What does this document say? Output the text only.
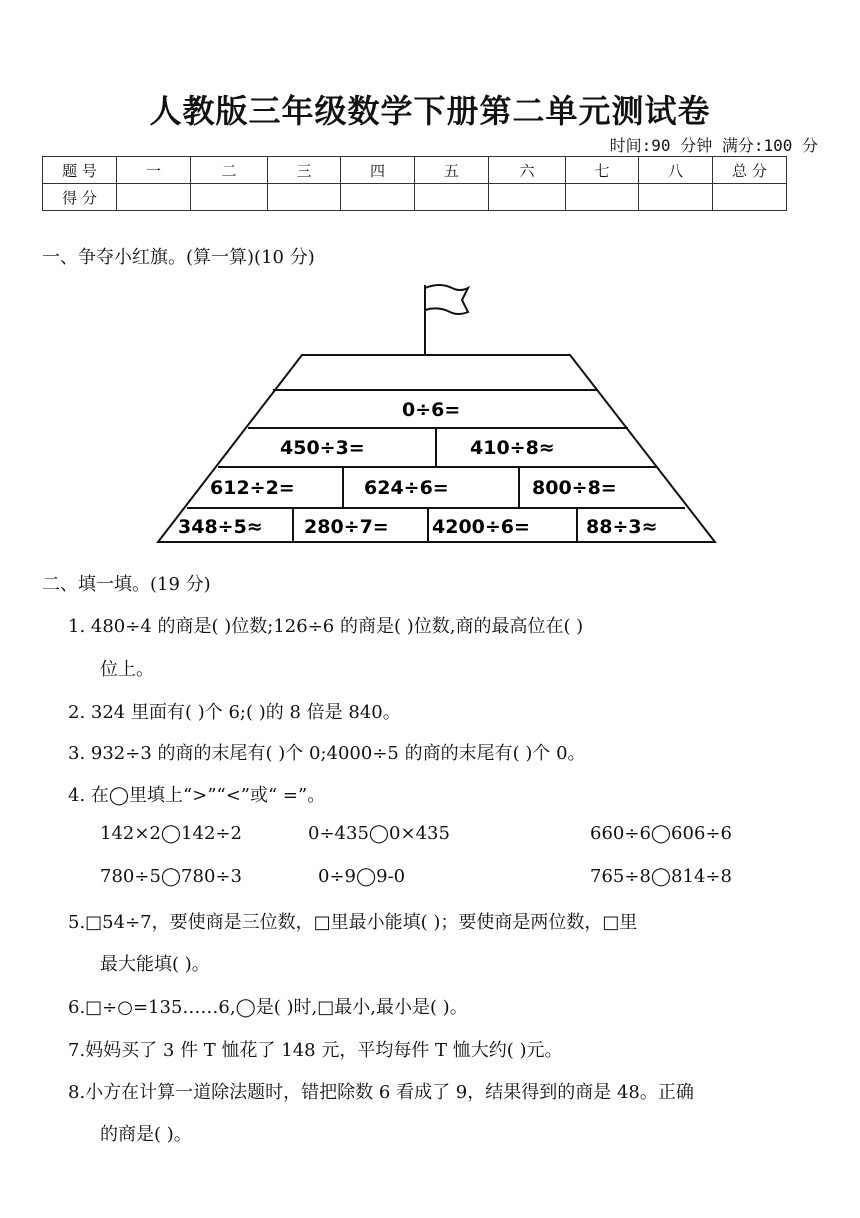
人教版三年级数学下册第二单元测试卷
时间:90 分钟 满分:100 分
题 号	一	二	三	四	五	六	七	八	总 分
得 分									
一、争夺小红旗。(算一算)(10 分)
0÷6=
450÷3=	410÷8≈
612÷2=	624÷6=	800÷8=
348÷5≈ 280÷7= 4200÷6=	88÷3≈
二、填一填。(19 分)
1. 480÷4 的商是( )位数;126÷6 的商是( )位数,商的最高位在( )
位上。
2. 324 里面有( )个 6;( )的 8 倍是 840。
3. 932÷3 的商的末尾有( )个 0;4000÷5 的商的末尾有( )个 0。
4. 在◯里填上“>”“<”或“ =”。
142×2◯142÷2	0÷435◯0×435	660÷6◯606÷6
780÷5◯780÷3	0÷9◯9-0	765÷8◯814÷8
5.□54÷7，要使商是三位数，□里最小能填( )；要使商是两位数，□里
最大能填( )。
6.□÷○=135……6,◯是( )时,□最小,最小是( )。
7.妈妈买了 3 件 T 恤花了 148 元，平均每件 T 恤大约( )元。
8.小方在计算一道除法题时，错把除数 6 看成了 9，结果得到的商是 48。正确
的商是( )。
